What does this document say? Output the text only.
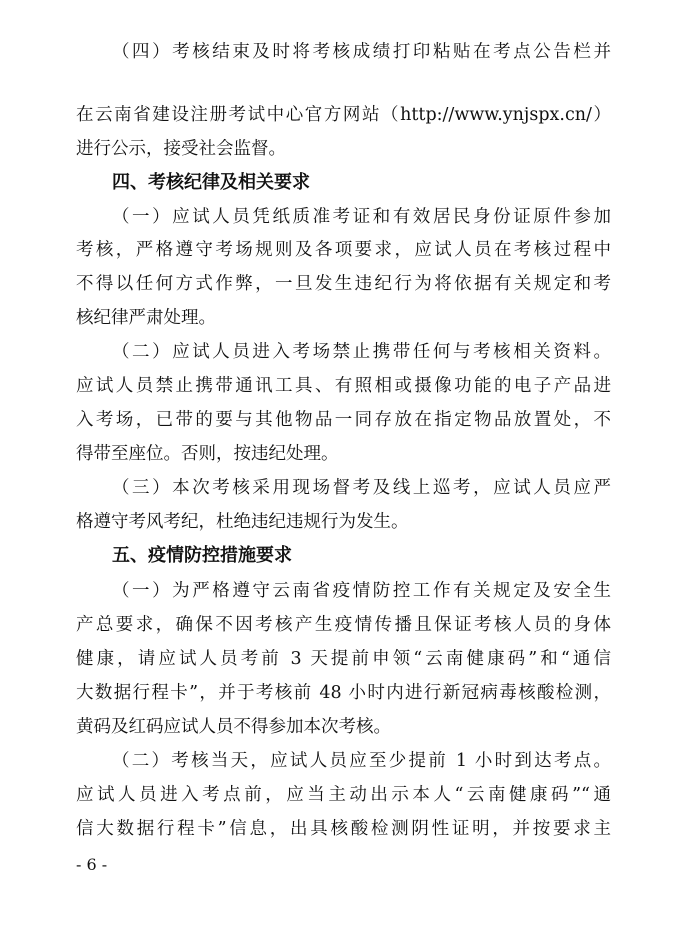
（四）考核结束及时将考核成绩打印粘贴在考点公告栏并
在云南省建设注册考试中心官方网站（http://www.ynjspx.cn/）
进行公示，接受社会监督。
四、考核纪律及相关要求
（一）应试人员凭纸质准考证和有效居民身份证原件参加
考核，严格遵守考场规则及各项要求，应试人员在考核过程中
不得以任何方式作弊，一旦发生违纪行为将依据有关规定和考
核纪律严肃处理。
（二）应试人员进入考场禁止携带任何与考核相关资料。
应试人员禁止携带通讯工具、有照相或摄像功能的电子产品进
入考场，已带的要与其他物品一同存放在指定物品放置处，不
得带至座位。否则，按违纪处理。
（三）本次考核采用现场督考及线上巡考，应试人员应严
格遵守考风考纪，杜绝违纪违规行为发生。
五、疫情防控措施要求
（一）为严格遵守云南省疫情防控工作有关规定及安全生
产总要求，确保不因考核产生疫情传播且保证考核人员的身体
健康，请应试人员考前 3 天提前申领“云南健康码”和“通信
大数据行程卡”，并于考核前 48 小时内进行新冠病毒核酸检测，
黄码及红码应试人员不得参加本次考核。
（二）考核当天，应试人员应至少提前 1 小时到达考点。
应试人员进入考点前，应当主动出示本人“云南健康码”“通
信大数据行程卡”信息，出具核酸检测阴性证明，并按要求主
- 6 -
